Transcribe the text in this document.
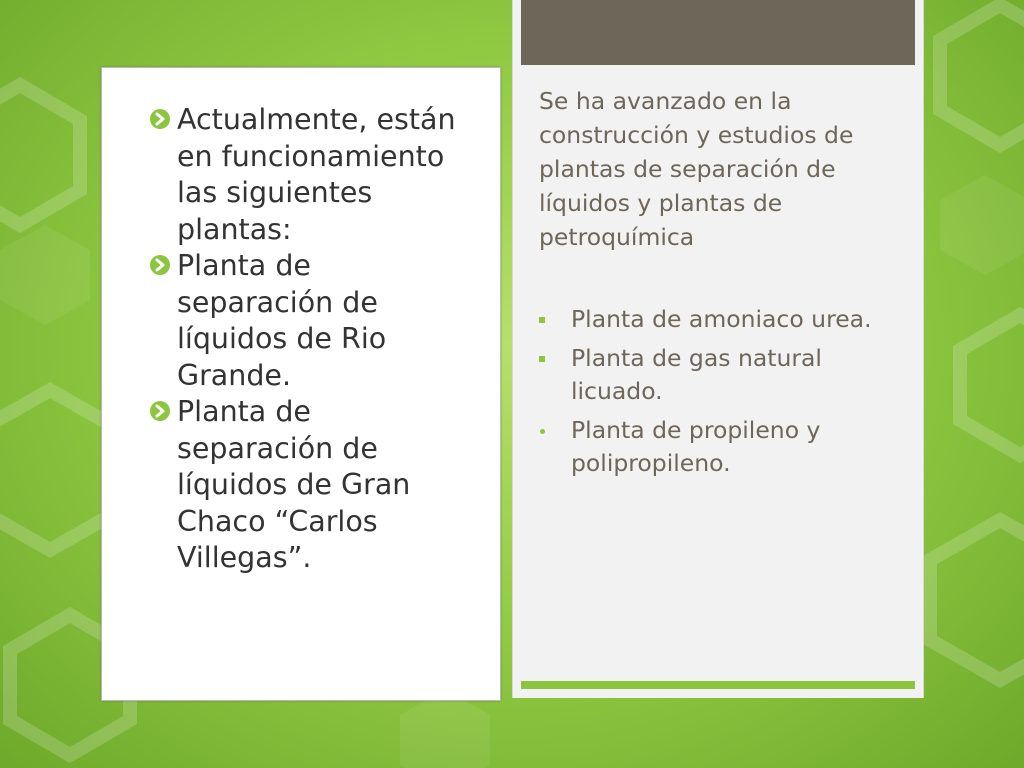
Actualmente, están en funcionamiento las siguientes plantas:
Planta de separación de líquidos de Rio Grande.
Planta de separación de líquidos de Gran Chaco “Carlos Villegas”.
Se ha avanzado en la construcción y estudios de plantas de separación de líquidos y plantas de petroquímica
Planta de amoniaco urea.
Planta de gas natural licuado.
Planta de propileno y polipropileno.
